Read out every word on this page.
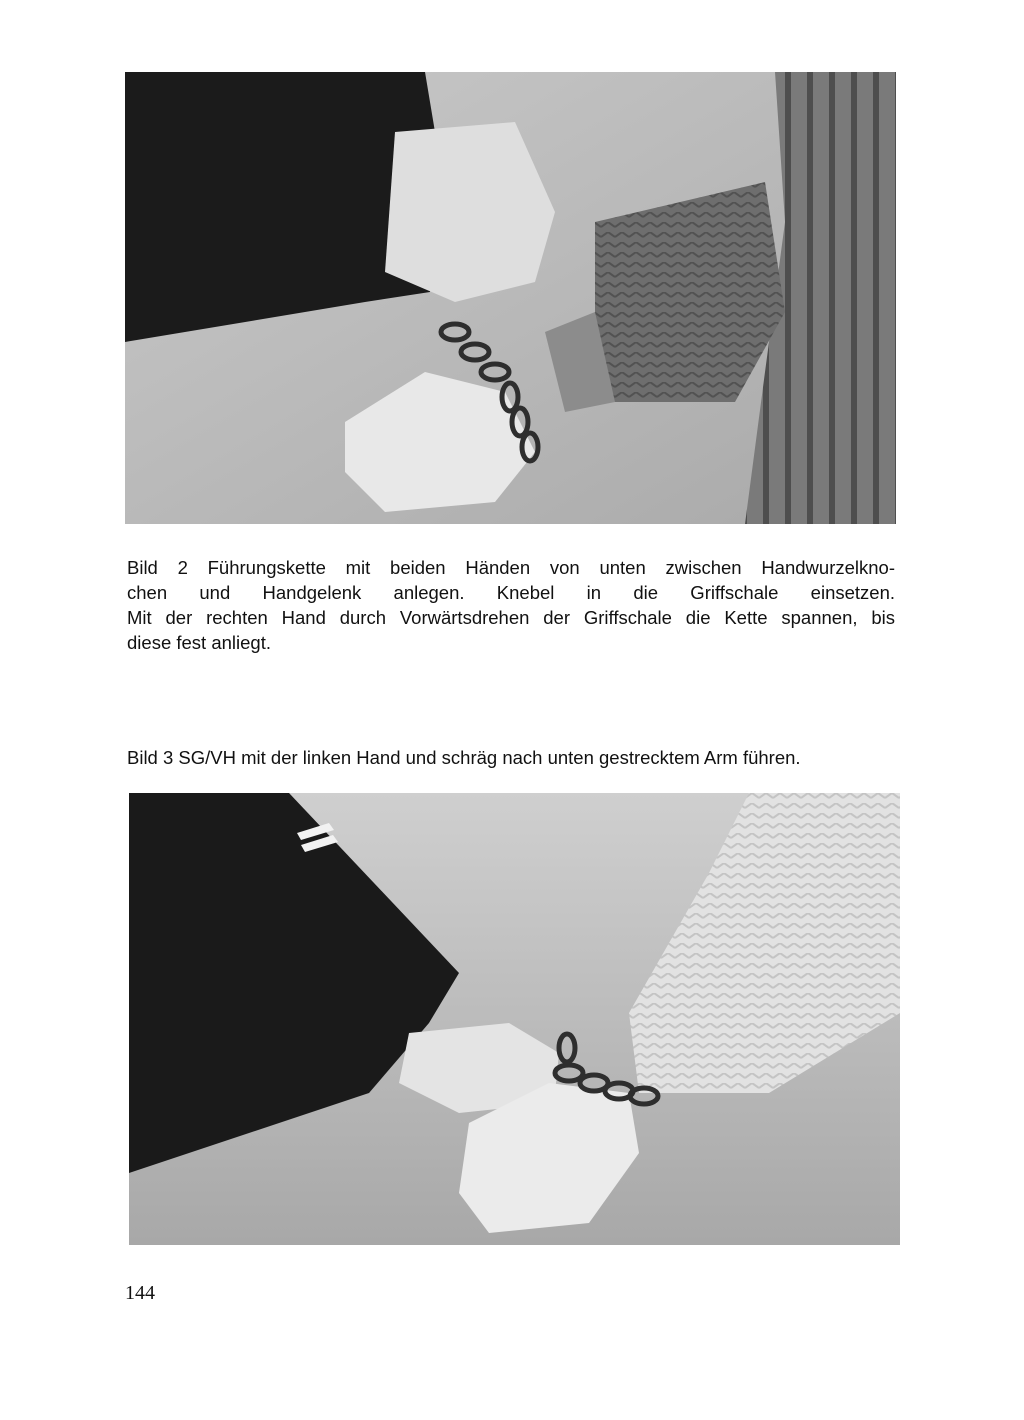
Bild 2 Führungskette mit beiden Händen von unten zwischen Handwurzelkno-
chen und Handgelenk anlegen. Knebel in die Griffschale einsetzen.
Mit der rechten Hand durch Vorwärtsdrehen der Griffschale die Kette spannen, bis
diese fest anliegt.

Bild 3 SG/VH mit der linken Hand und schräg nach unten gestrecktem Arm führen.

144
